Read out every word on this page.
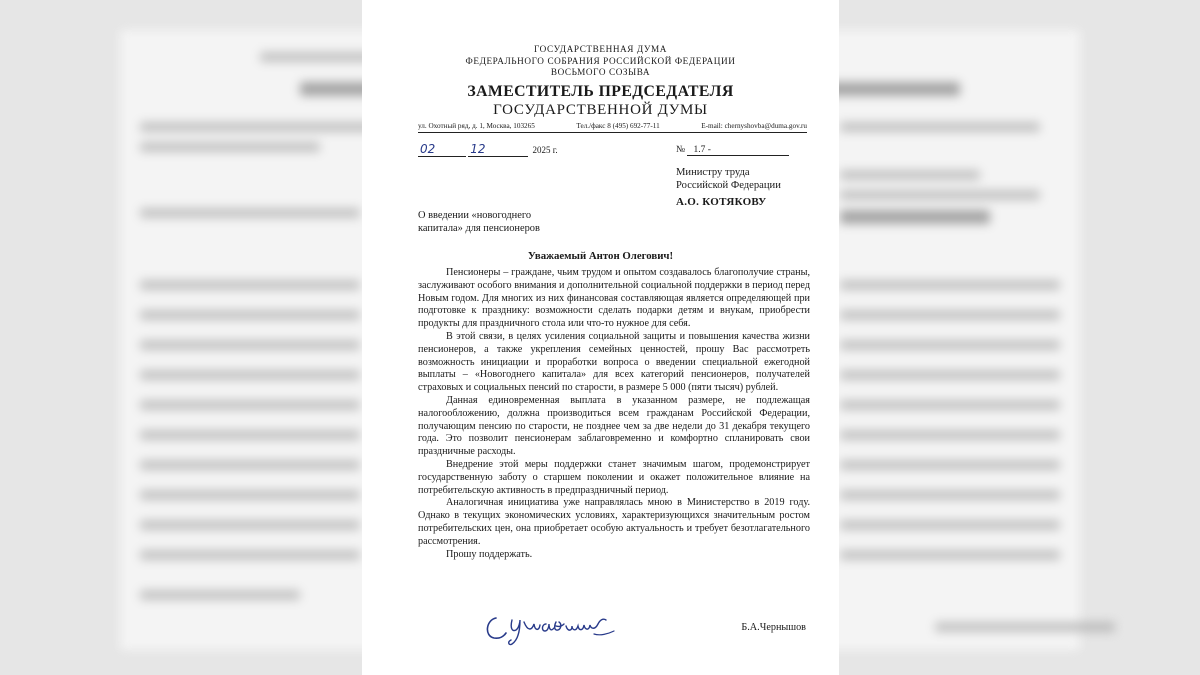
ГОСУДАРСТВЕННАЯ ДУМА
ФЕДЕРАЛЬНОГО СОБРАНИЯ РОССИЙСКОЙ ФЕДЕРАЦИИ
ВОСЬМОГО СОЗЫВА
ЗАМЕСТИТЕЛЬ ПРЕДСЕДАТЕЛЯ
ГОСУДАРСТВЕННОЙ ДУМЫ
ул. Охотный ряд, д. 1, Москва, 103265	Тел./факс 8 (495) 692-77-11	E-mail: chernyshovba@duma.gov.ru
02	12	2025 г.	№ 1.7 -
Министру труда
Российской Федерации
А.О. КОТЯКОВУ
О введении «новогоднего
капитала» для пенсионеров
Уважаемый Антон Олегович!

Пенсионеры – граждане, чьим трудом и опытом создавалось благополучие страны, заслуживают особого внимания и дополнительной социальной поддержки в период перед Новым годом. Для многих из них финансовая составляющая является определяющей при подготовке к празднику: возможности сделать подарки детям и внукам, приобрести продукты для праздничного стола или что-то нужное для себя.

В этой связи, в целях усиления социальной защиты и повышения качества жизни пенсионеров, а также укрепления семейных ценностей, прошу Вас рассмотреть возможность инициации и проработки вопроса о введении специальной ежегодной выплаты – «Новогоднего капитала» для всех категорий пенсионеров, получателей страховых и социальных пенсий по старости, в размере 5 000 (пяти тысяч) рублей.

Данная единовременная выплата в указанном размере, не подлежащая налогообложению, должна производиться всем гражданам Российской Федерации, получающим пенсию по старости, не позднее чем за две недели до 31 декабря текущего года. Это позволит пенсионерам заблаговременно и комфортно спланировать свои праздничные расходы.

Внедрение этой меры поддержки станет значимым шагом, продемонстрирует государственную заботу о старшем поколении и окажет положительное влияние на потребительскую активность в предпраздничный период.

Аналогичная инициатива уже направлялась мною в Министерство в 2019 году. Однако в текущих экономических условиях, характеризующихся значительным ростом потребительских цен, она приобретает особую актуальность и требует безотлагательного рассмотрения.

Прошу поддержать.

Б.А.Чернышов
